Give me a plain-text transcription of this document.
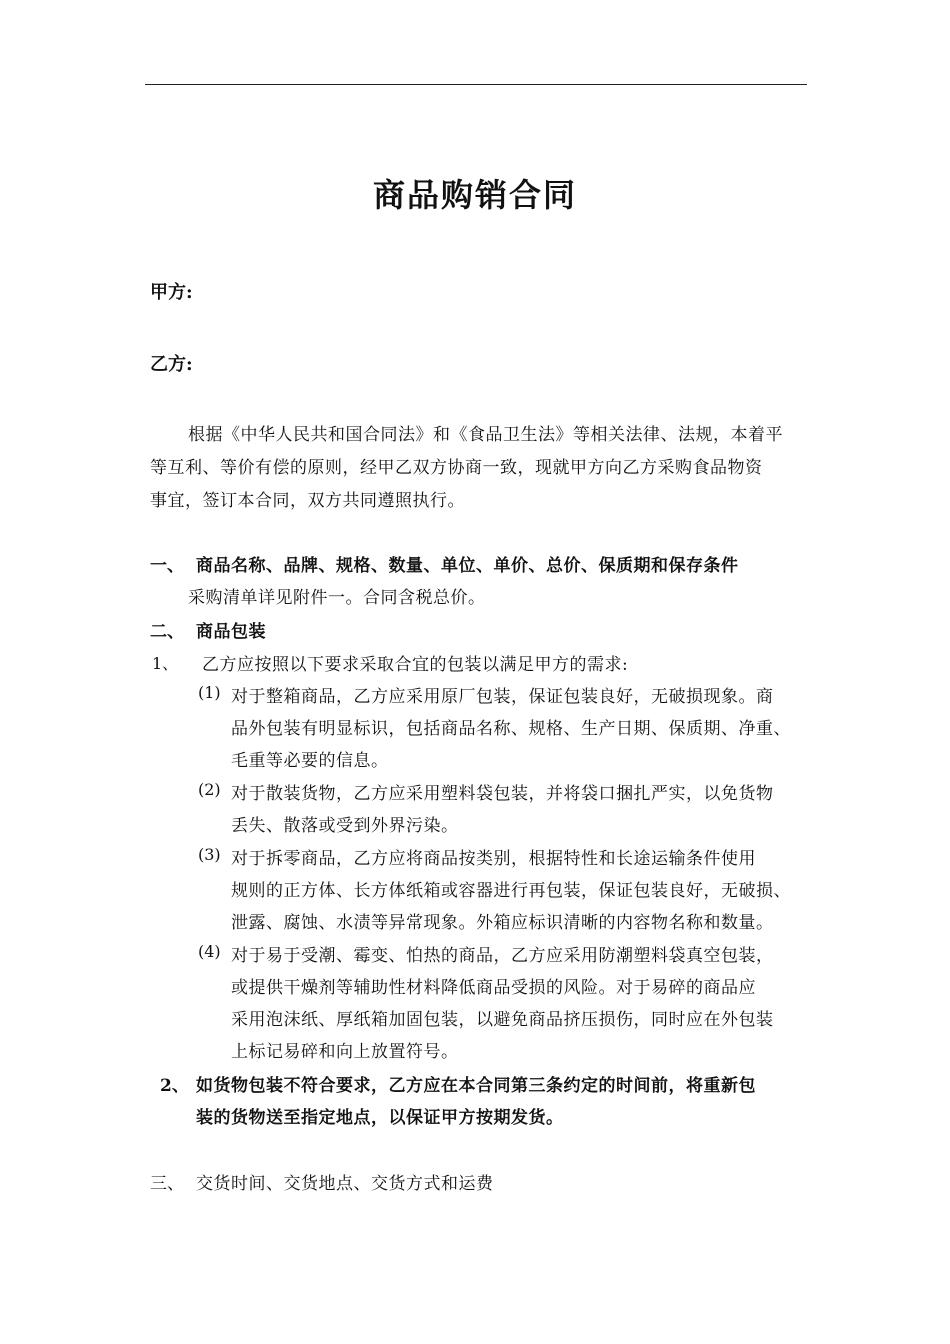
商品购销合同
甲方:
乙方:
根据《中华人民共和国合同法》和《食品卫生法》等相关法律、法规，本着平
等互利、等价有偿的原则，经甲乙双方协商一致，现就甲方向乙方采购食品物资
事宜，签订本合同，双方共同遵照执行。
一、 商品名称、品牌、规格、数量、单位、单价、总价、保质期和保存条件
采购清单详见附件一。合同含税总价。
二、 商品包装
1、 乙方应按照以下要求采取合宜的包装以满足甲方的需求:
(1) 对于整箱商品，乙方应采用原厂包装，保证包装良好，无破损现象。商
品外包装有明显标识，包括商品名称、规格、生产日期、保质期、净重、
毛重等必要的信息。
(2) 对于散装货物，乙方应采用塑料袋包装，并将袋口捆扎严实，以免货物
丢失、散落或受到外界污染。
(3) 对于拆零商品，乙方应将商品按类别，根据特性和长途运输条件使用
规则的正方体、长方体纸箱或容器进行再包装，保证包装良好，无破损、
泄露、腐蚀、水渍等异常现象。外箱应标识清晰的内容物名称和数量。
(4) 对于易于受潮、霉变、怕热的商品，乙方应采用防潮塑料袋真空包装，
或提供干燥剂等辅助性材料降低商品受损的风险。对于易碎的商品应
采用泡沫纸、厚纸箱加固包装，以避免商品挤压损伤，同时应在外包装
上标记易碎和向上放置符号。
2、 如货物包装不符合要求，乙方应在本合同第三条约定的时间前，将重新包
装的货物送至指定地点，以保证甲方按期发货。
三、 交货时间、交货地点、交货方式和运费
